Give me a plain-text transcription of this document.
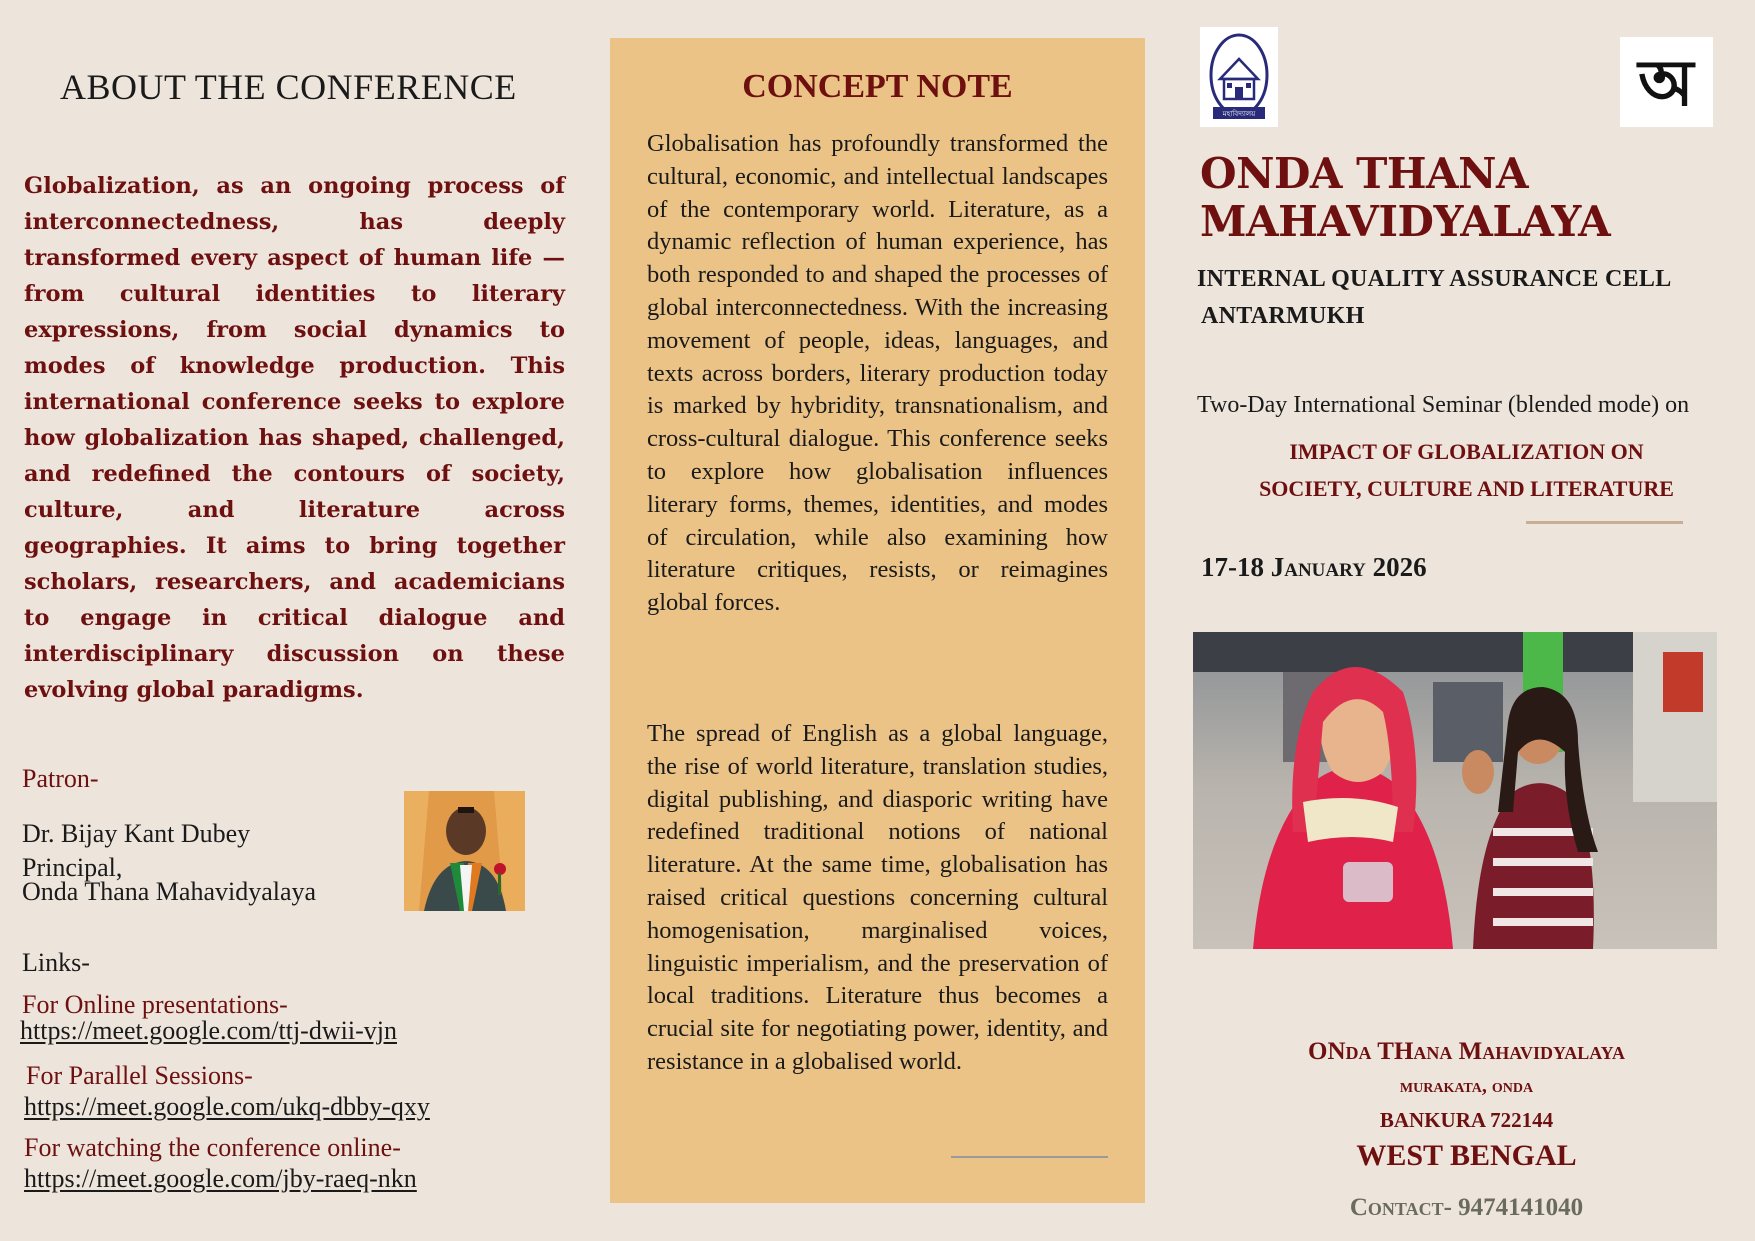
ABOUT THE CONFERENCE

Globalization, as an ongoing process of interconnectedness, has deeply transformed every aspect of human life — from cultural identities to literary expressions, from social dynamics to modes of knowledge production. This international conference seeks to explore how globalization has shaped, challenged, and redefined the contours of society, culture, and literature across geographies. It aims to bring together scholars, researchers, and academicians to engage in critical dialogue and interdisciplinary discussion on these evolving global paradigms.

Patron-
Dr. Bijay Kant Dubey
Principal,
Onda Thana Mahavidyalaya
Links-
For Online presentations-
https://meet.google.com/ttj-dwii-vjn
For Parallel Sessions-
https://meet.google.com/ukq-dbby-qxy
For watching the conference online-
https://meet.google.com/jby-raeq-nkn
CONCEPT NOTE

Globalisation has profoundly transformed the cultural, economic, and intellectual landscapes of the contemporary world. Literature, as a dynamic reflection of human experience, has both responded to and shaped the processes of global interconnectedness. With the increasing movement of people, ideas, languages, and texts across borders, literary production today is marked by hybridity, transnationalism, and cross-cultural dialogue. This conference seeks to explore how globalisation influences literary forms, themes, identities, and modes of circulation, while also examining how literature critiques, resists, or reimagines global forces.

The spread of English as a global language, the rise of world literature, translation studies, digital publishing, and diasporic writing have redefined traditional notions of national literature. At the same time, globalisation has raised critical questions concerning cultural homogenisation, marginalised voices, linguistic imperialism, and the preservation of local traditions. Literature thus becomes a crucial site for negotiating power, identity, and resistance in a globalised world.

মহাবিদ্যালয়	অ
ONDA THANA
MAHAVIDYALAYA
INTERNAL QUALITY ASSURANCE CELL
ANTARMUKH
Two-Day International Seminar (blended mode) on
IMPACT OF GLOBALIZATION ON
SOCIETY, CULTURE AND LITERATURE
17-18 January 2026
ONda THana Mahavidyalaya
murakata, onda
BANKURA 722144
WEST BENGAL
Contact- 9474141040
